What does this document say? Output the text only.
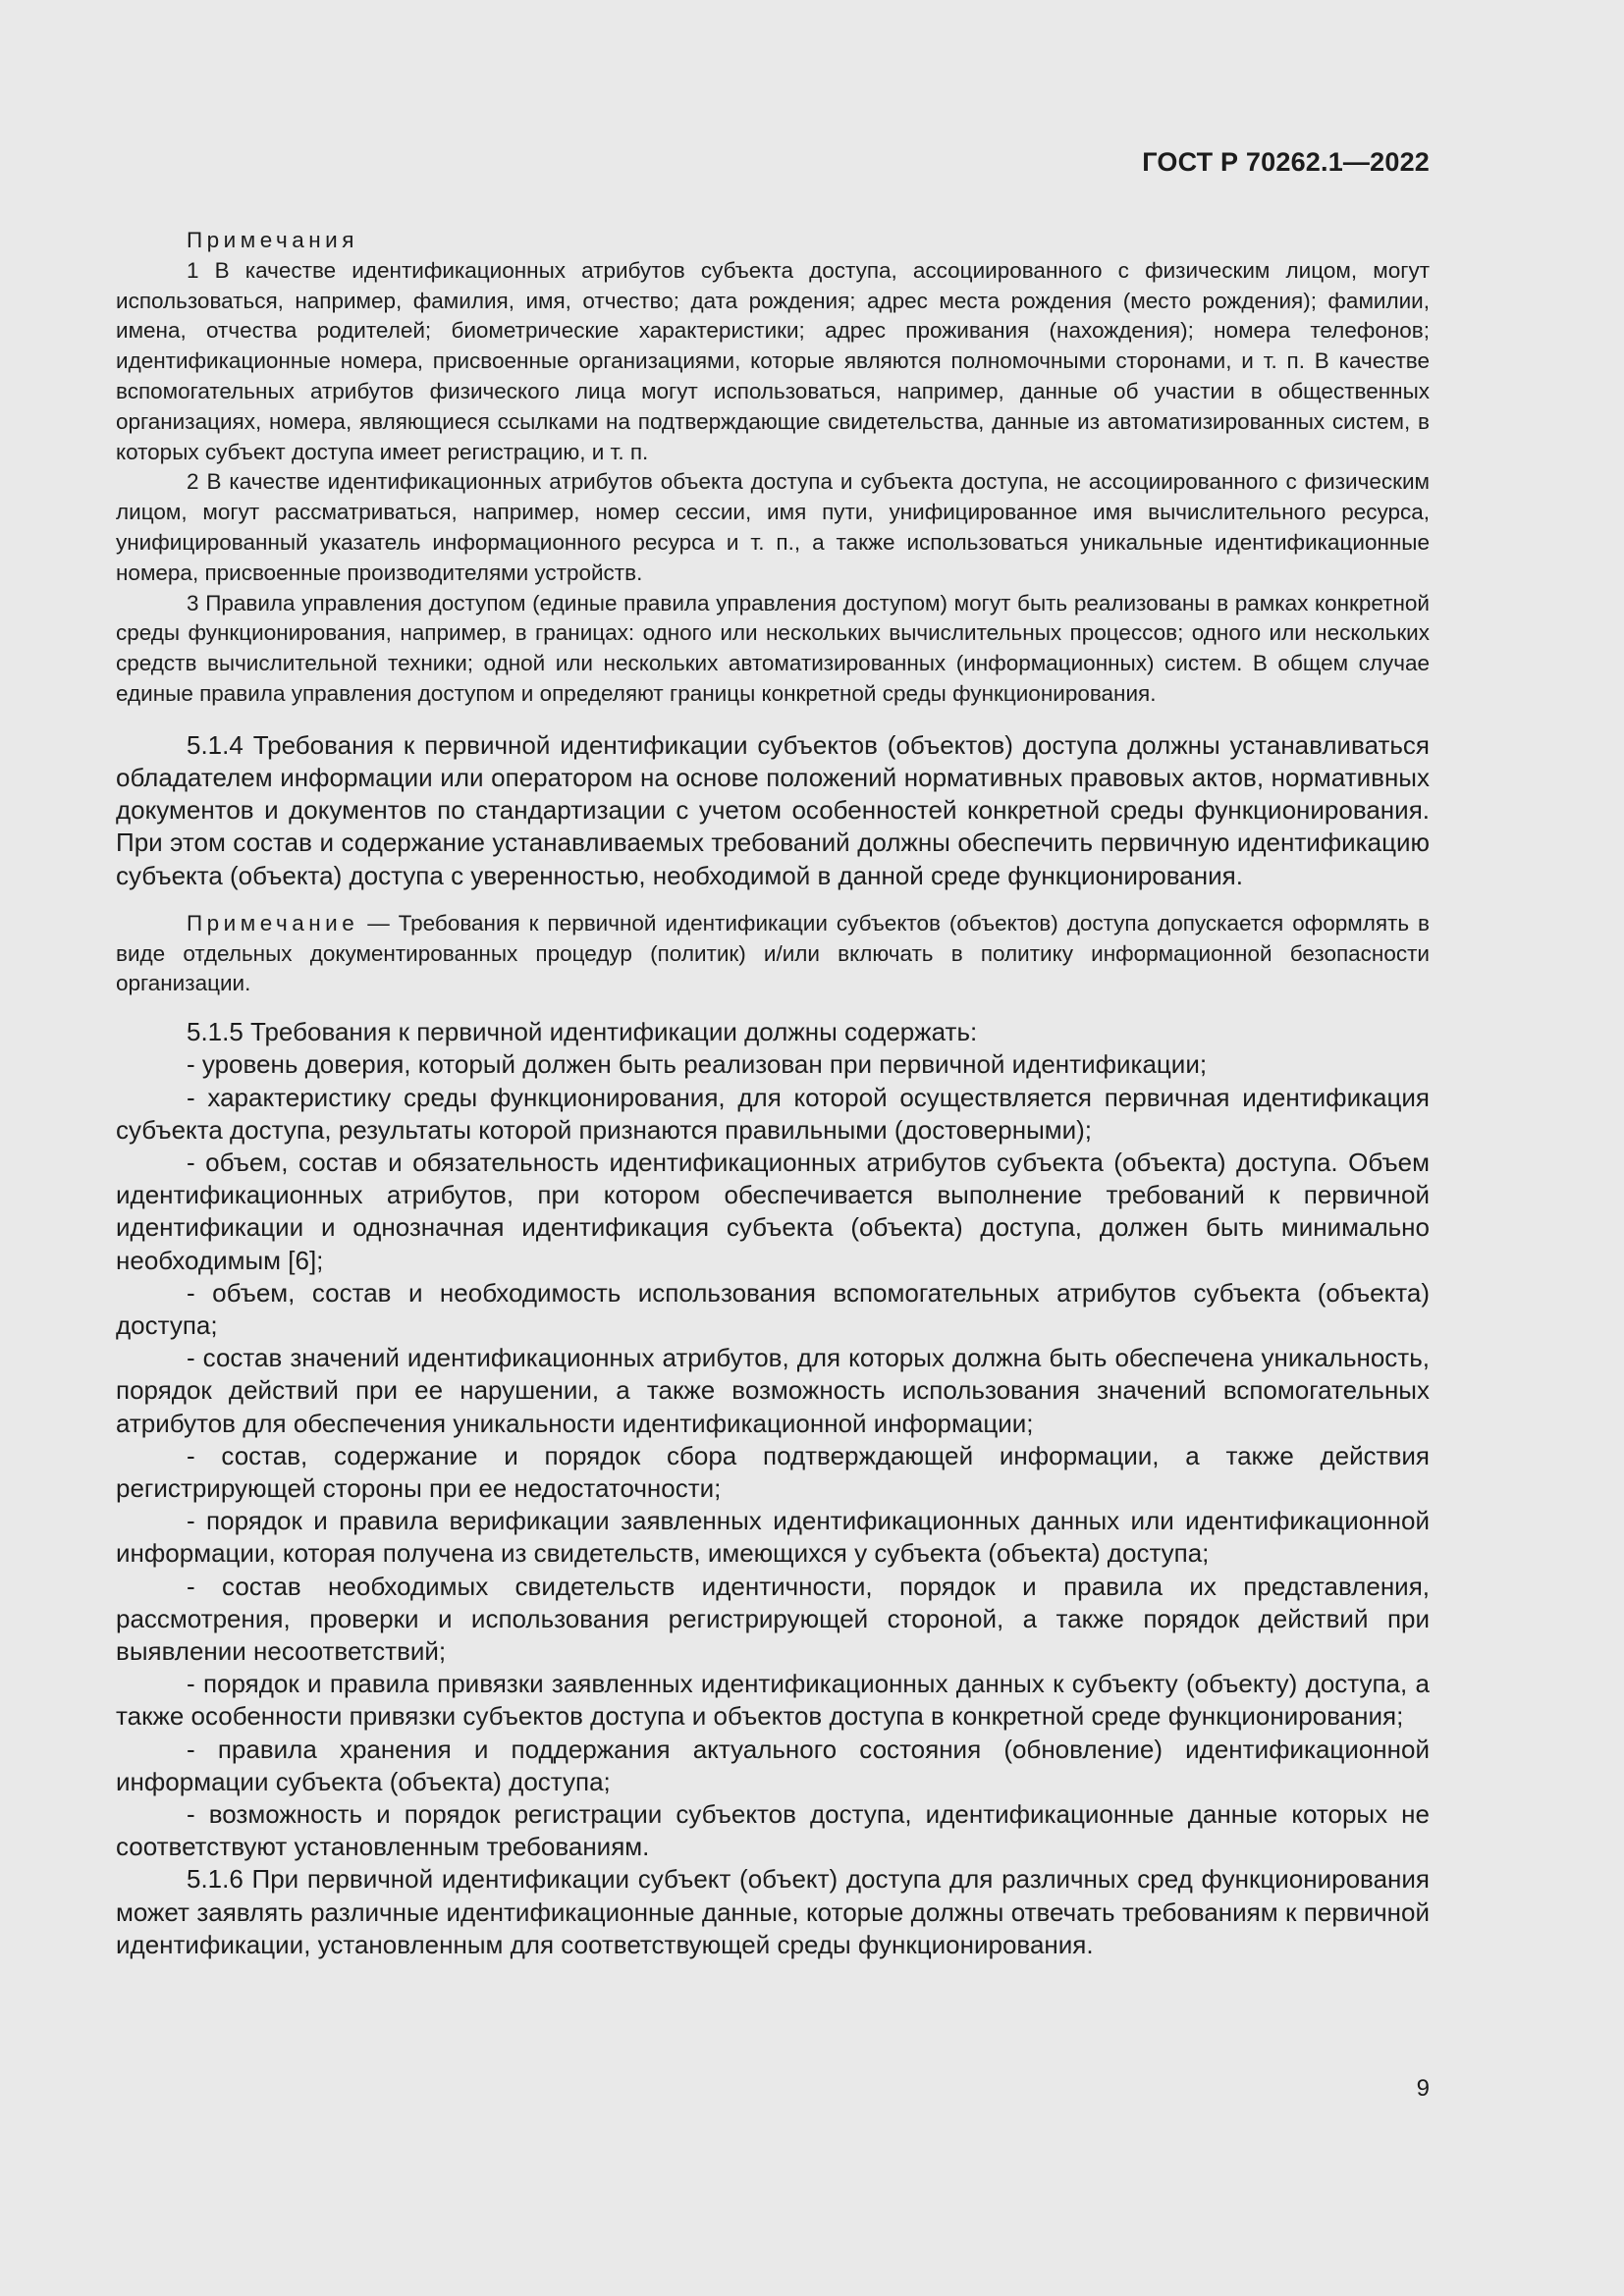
ГОСТ Р 70262.1—2022

Примечания

1 В качестве идентификационных атрибутов субъекта доступа, ассоциированного с физическим лицом, могут использоваться, например, фамилия, имя, отчество; дата рождения; адрес места рождения (место рождения); фамилии, имена, отчества родителей; биометрические характеристики; адрес проживания (нахождения); номера телефонов; идентификационные номера, присвоенные организациями, которые являются полномочными сторонами, и т. п. В качестве вспомогательных атрибутов физического лица могут использоваться, например, данные об участии в общественных организациях, номера, являющиеся ссылками на подтверждающие свидетельства, данные из автоматизированных систем, в которых субъект доступа имеет регистрацию, и т. п.

2 В качестве идентификационных атрибутов объекта доступа и субъекта доступа, не ассоциированного с физическим лицом, могут рассматриваться, например, номер сессии, имя пути, унифицированное имя вычислительного ресурса, унифицированный указатель информационного ресурса и т. п., а также использоваться уникальные идентификационные номера, присвоенные производителями устройств.

3 Правила управления доступом (единые правила управления доступом) могут быть реализованы в рамках конкретной среды функционирования, например, в границах: одного или нескольких вычислительных процессов; одного или нескольких средств вычислительной техники; одной или нескольких автоматизированных (информационных) систем. В общем случае единые правила управления доступом и определяют границы конкретной среды функционирования.

5.1.4 Требования к первичной идентификации субъектов (объектов) доступа должны устанавливаться обладателем информации или оператором на основе положений нормативных правовых актов, нормативных документов и документов по стандартизации с учетом особенностей конкретной среды функционирования. При этом состав и содержание устанавливаемых требований должны обеспечить первичную идентификацию субъекта (объекта) доступа с уверенностью, необходимой в данной среде функционирования.

Примечание — Требования к первичной идентификации субъектов (объектов) доступа допускается оформлять в виде отдельных документированных процедур (политик) и/или включать в политику информационной безопасности организации.

5.1.5 Требования к первичной идентификации должны содержать:

- уровень доверия, который должен быть реализован при первичной идентификации;

- характеристику среды функционирования, для которой осуществляется первичная идентификация субъекта доступа, результаты которой признаются правильными (достоверными);

- объем, состав и обязательность идентификационных атрибутов субъекта (объекта) доступа. Объем идентификационных атрибутов, при котором обеспечивается выполнение требований к первичной идентификации и однозначная идентификация субъекта (объекта) доступа, должен быть минимально необходимым [6];

- объем, состав и необходимость использования вспомогательных атрибутов субъекта (объекта) доступа;

- состав значений идентификационных атрибутов, для которых должна быть обеспечена уникальность, порядок действий при ее нарушении, а также возможность использования значений вспомогательных атрибутов для обеспечения уникальности идентификационной информации;

- состав, содержание и порядок сбора подтверждающей информации, а также действия регистрирующей стороны при ее недостаточности;

- порядок и правила верификации заявленных идентификационных данных или идентификационной информации, которая получена из свидетельств, имеющихся у субъекта (объекта) доступа;

- состав необходимых свидетельств идентичности, порядок и правила их представления, рассмотрения, проверки и использования регистрирующей стороной, а также порядок действий при выявлении несоответствий;

- порядок и правила привязки заявленных идентификационных данных к субъекту (объекту) доступа, а также особенности привязки субъектов доступа и объектов доступа в конкретной среде функционирования;

- правила хранения и поддержания актуального состояния (обновление) идентификационной информации субъекта (объекта) доступа;

- возможность и порядок регистрации субъектов доступа, идентификационные данные которых не соответствуют установленным требованиям.

5.1.6 При первичной идентификации субъект (объект) доступа для различных сред функционирования может заявлять различные идентификационные данные, которые должны отвечать требованиям к первичной идентификации, установленным для соответствующей среды функционирования.

9
